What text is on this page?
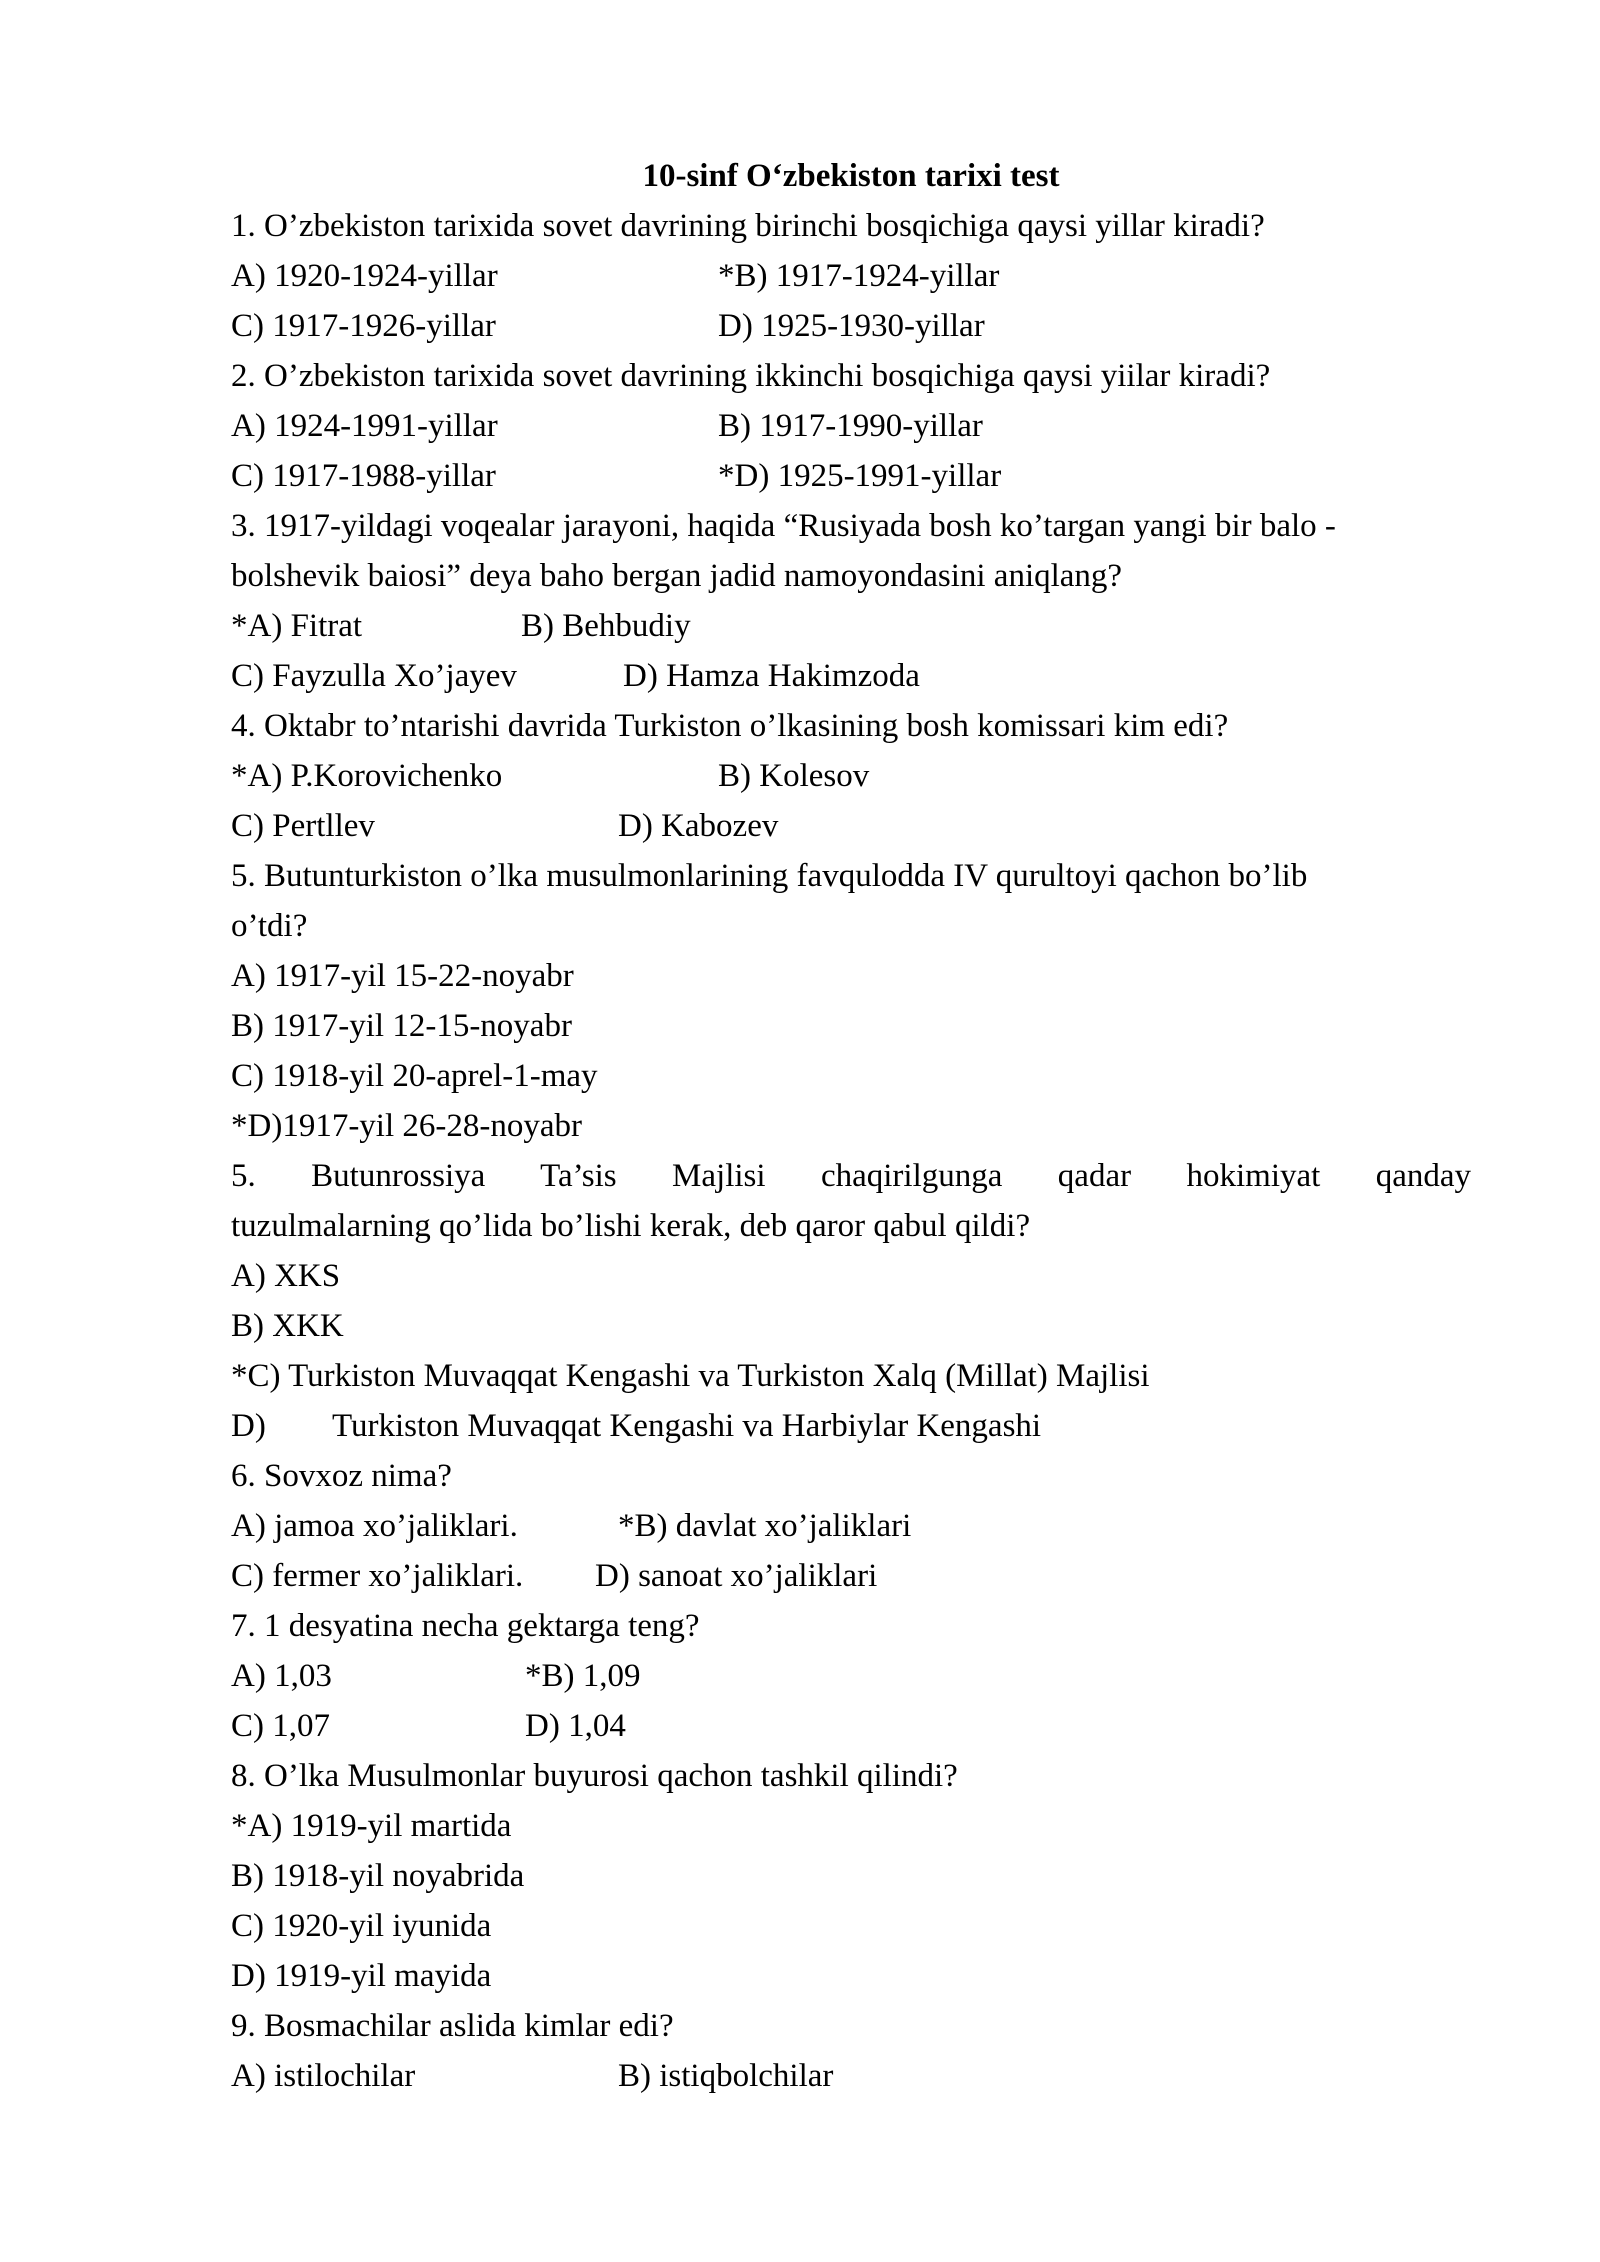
10-sinf O‘zbekiston tarixi test
1. O’zbekiston tarixida sovet davrining birinchi bosqichiga qaysi yillar kiradi?
A) 1920-1924-yillar	*B) 1917-1924-yillar
C) 1917-1926-yillar	D) 1925-1930-yillar
2. O’zbekiston tarixida sovet davrining ikkinchi bosqichiga qaysi yiilar kiradi?
A) 1924-1991-yillar	B) 1917-1990-yillar
C) 1917-1988-yillar	*D) 1925-1991-yillar
3. 1917-yildagi voqealar jarayoni, haqida “Rusiyada bosh ko’targan yangi bir balo -
bolshevik baiosi” deya baho bergan jadid namoyondasini aniqlang?
*A) Fitrat	B) Behbudiy
C) Fayzulla Xo’jayev	D) Hamza Hakimzoda
4. Oktabr to’ntarishi davrida Turkiston o’lkasining bosh komissari kim edi?
*A) P.Korovichenko	B) Kolesov
C) Pertllev	D) Kabozev
5. Butunturkiston o’lka musulmonlarining favqulodda IV qurultoyi qachon bo’lib
o’tdi?
A) 1917-yil 15-22-noyabr
B) 1917-yil 12-15-noyabr
C) 1918-yil 20-aprel-1-may
*D)1917-yil 26-28-noyabr
5. Butunrossiya Ta’sis Majlisi chaqirilgunga qadar hokimiyat qanday
tuzulmalarning qo’lida bo’lishi kerak, deb qaror qabul qildi?
A) XKS
B) XKK
*C) Turkiston Muvaqqat Kengashi va Turkiston Xalq (Millat) Majlisi
D) Turkiston Muvaqqat Kengashi va Harbiylar Kengashi
6. Sovxoz nima?
A) jamoa xo’jaliklari.	*B) davlat xo’jaliklari
C) fermer xo’jaliklari. D) sanoat xo’jaliklari
7. 1 desyatina necha gektarga teng?
A) 1,03	*B) 1,09
C) 1,07	D) 1,04
8. O’lka Musulmonlar buyurosi qachon tashkil qilindi?
*A) 1919-yil martida
B) 1918-yil noyabrida
C) 1920-yil iyunida
D) 1919-yil mayida
9. Bosmachilar aslida kimlar edi?
A) istilochilar	B) istiqbolchilar
